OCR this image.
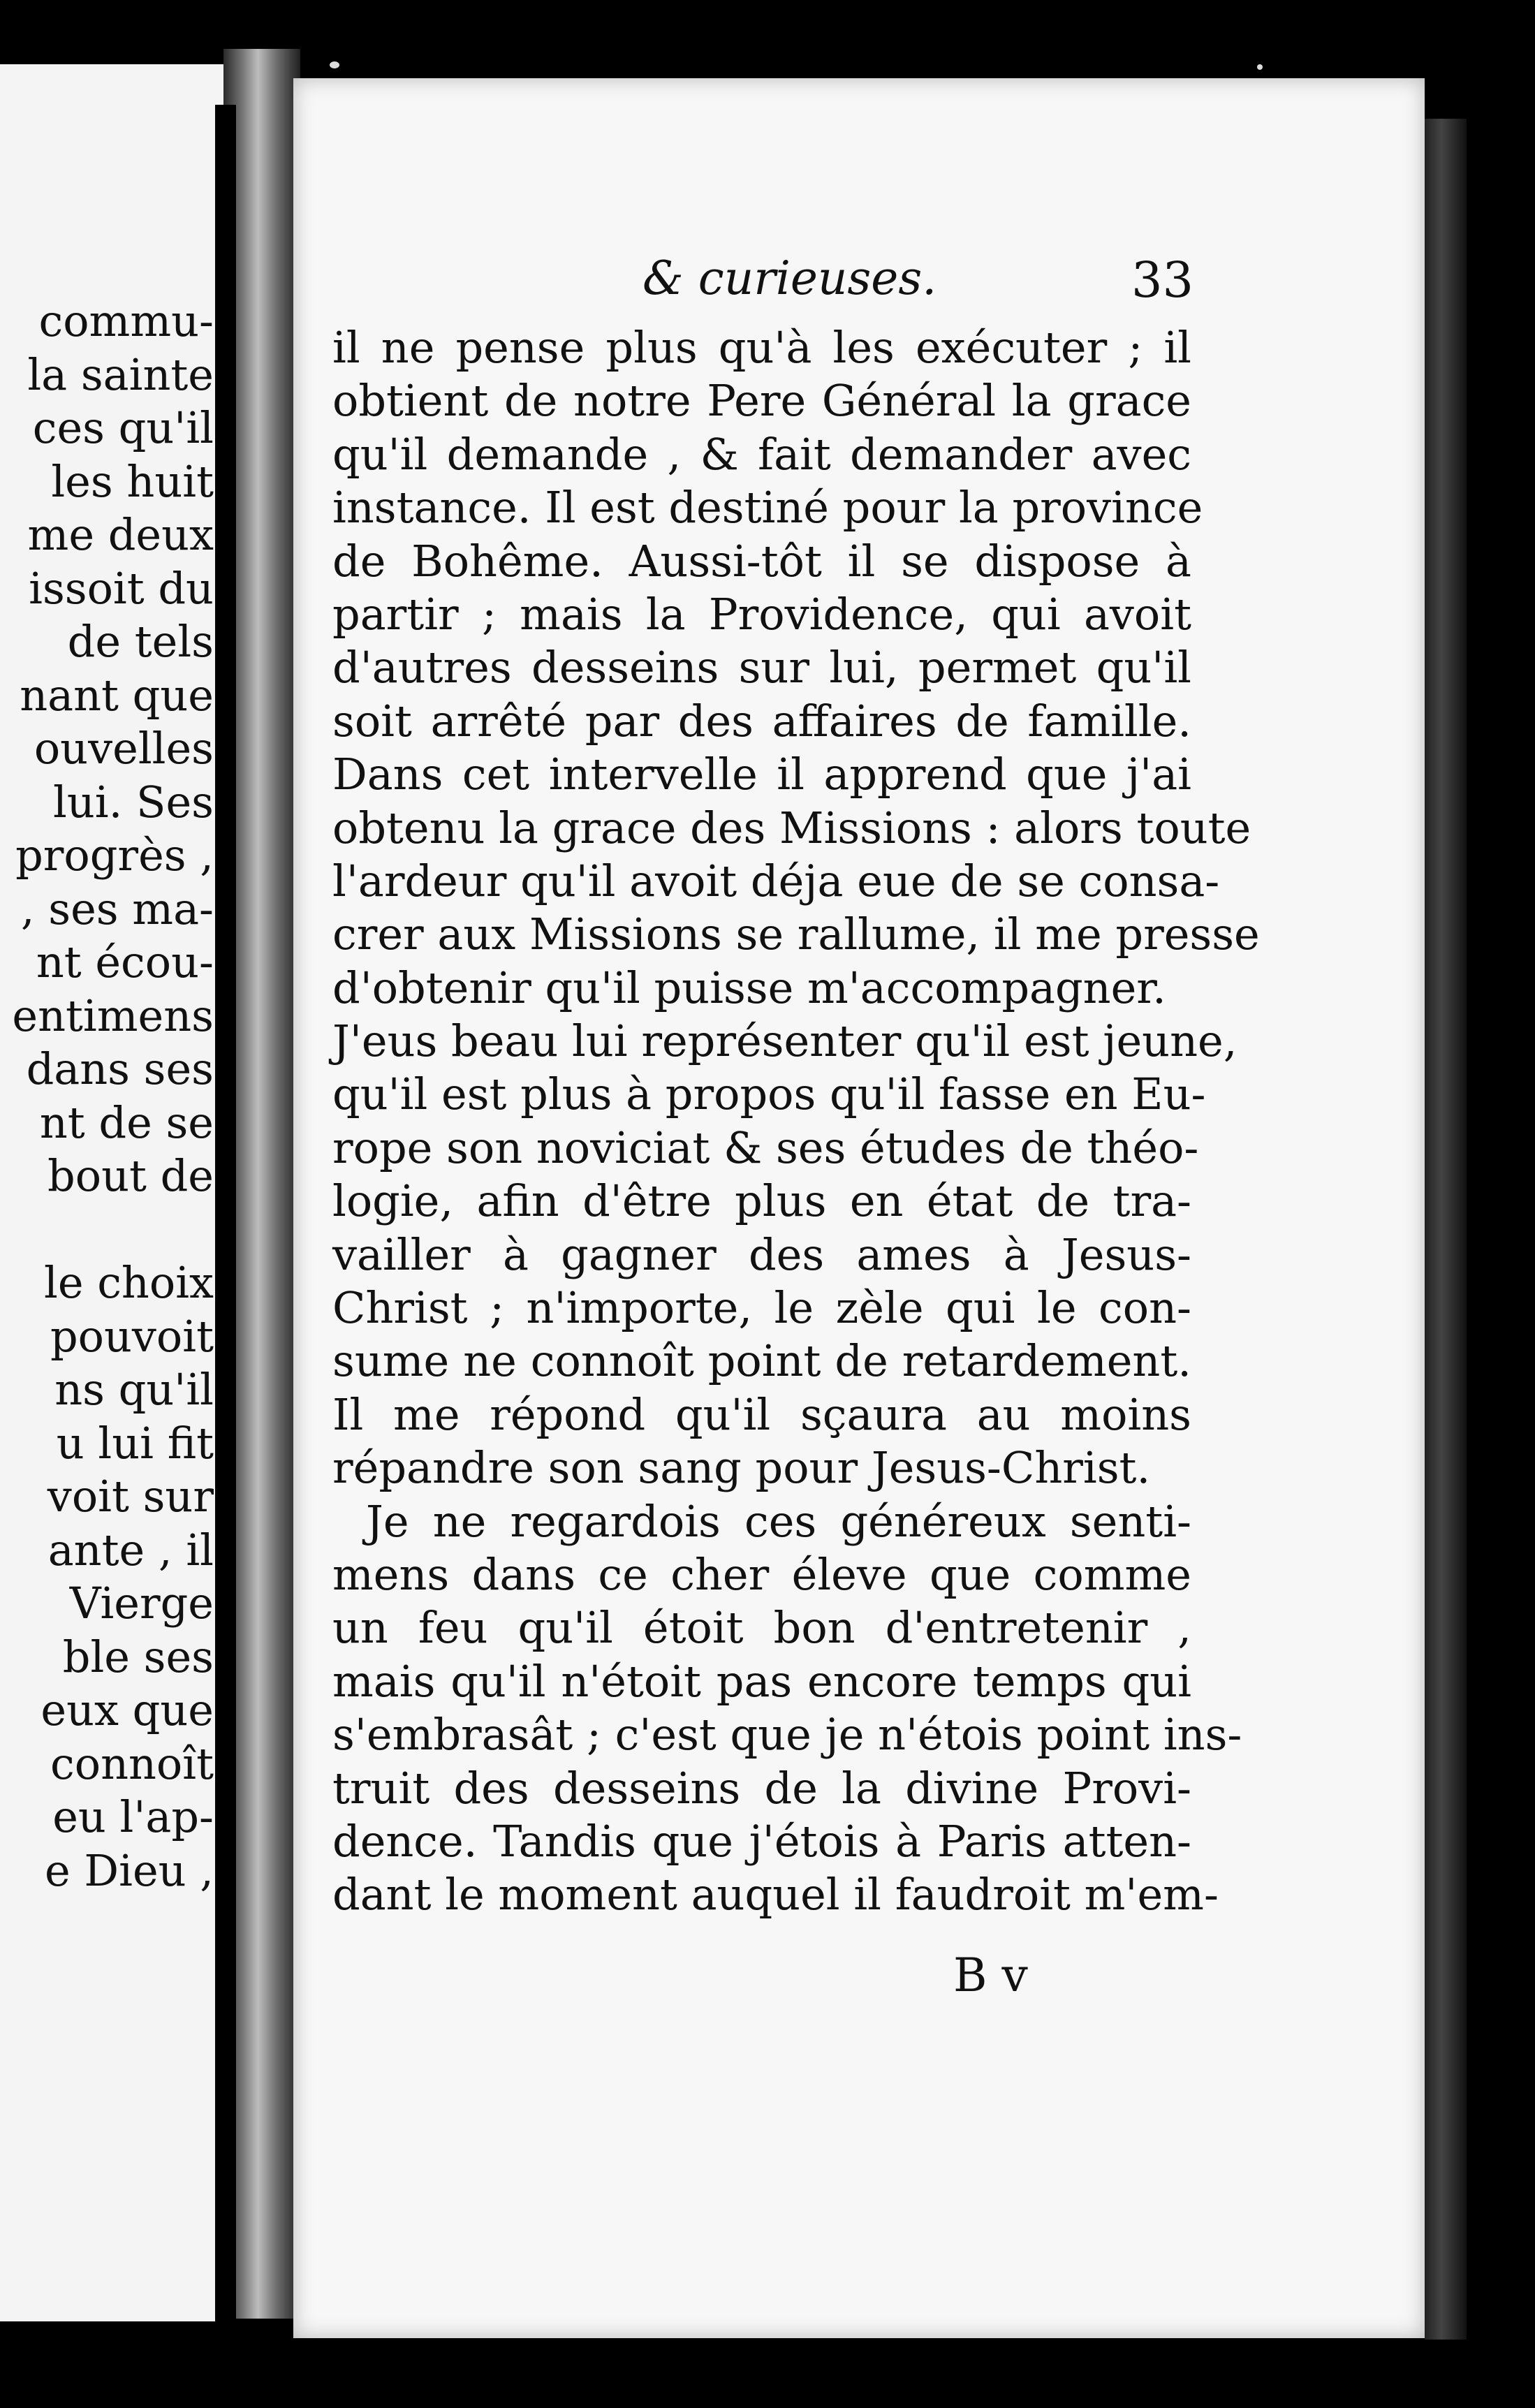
commu-
la sainte
ces qu'il
les huit
me deux
issoit du
de tels
nant que
ouvelles
lui. Ses
progrès ,
, ses ma-
nt écou-
entimens
dans ses
nt de se
bout de
le choix
pouvoit
ns qu'il
u lui fit
voit sur
ante , il
Vierge
ble ses
eux que
connoît
eu l'ap-
e Dieu ,
& curieuses.	33
il ne pense plus qu'à les exécuter ; il
obtient de notre Pere Général la grace
qu'il demande , & fait demander avec
instance. Il est destiné pour la province
de Bohême. Aussi-tôt il se dispose à
partir ; mais la Providence, qui avoit
d'autres desseins sur lui, permet qu'il
soit arrêté par des affaires de famille.
Dans cet intervelle il apprend que j'ai
obtenu la grace des Missions : alors toute
l'ardeur qu'il avoit déja eue de se consa-
crer aux Missions se rallume, il me presse
d'obtenir qu'il puisse m'accompagner.
J'eus beau lui représenter qu'il est jeune,
qu'il est plus à propos qu'il fasse en Eu-
rope son noviciat & ses études de théo-
logie, afin d'être plus en état de tra-
vailler à gagner des ames à Jesus-
Christ ; n'importe, le zèle qui le con-
sume ne connoît point de retardement.
Il me répond qu'il sçaura au moins
répandre son sang pour Jesus-Christ.
Je ne regardois ces généreux senti-
mens dans ce cher éleve que comme
un feu qu'il étoit bon d'entretenir ,
mais qu'il n'étoit pas encore temps qui
s'embrasât ; c'est que je n'étois point ins-
truit des desseins de la divine Provi-
dence. Tandis que j'étois à Paris atten-
dant le moment auquel il faudroit m'em-
B v
